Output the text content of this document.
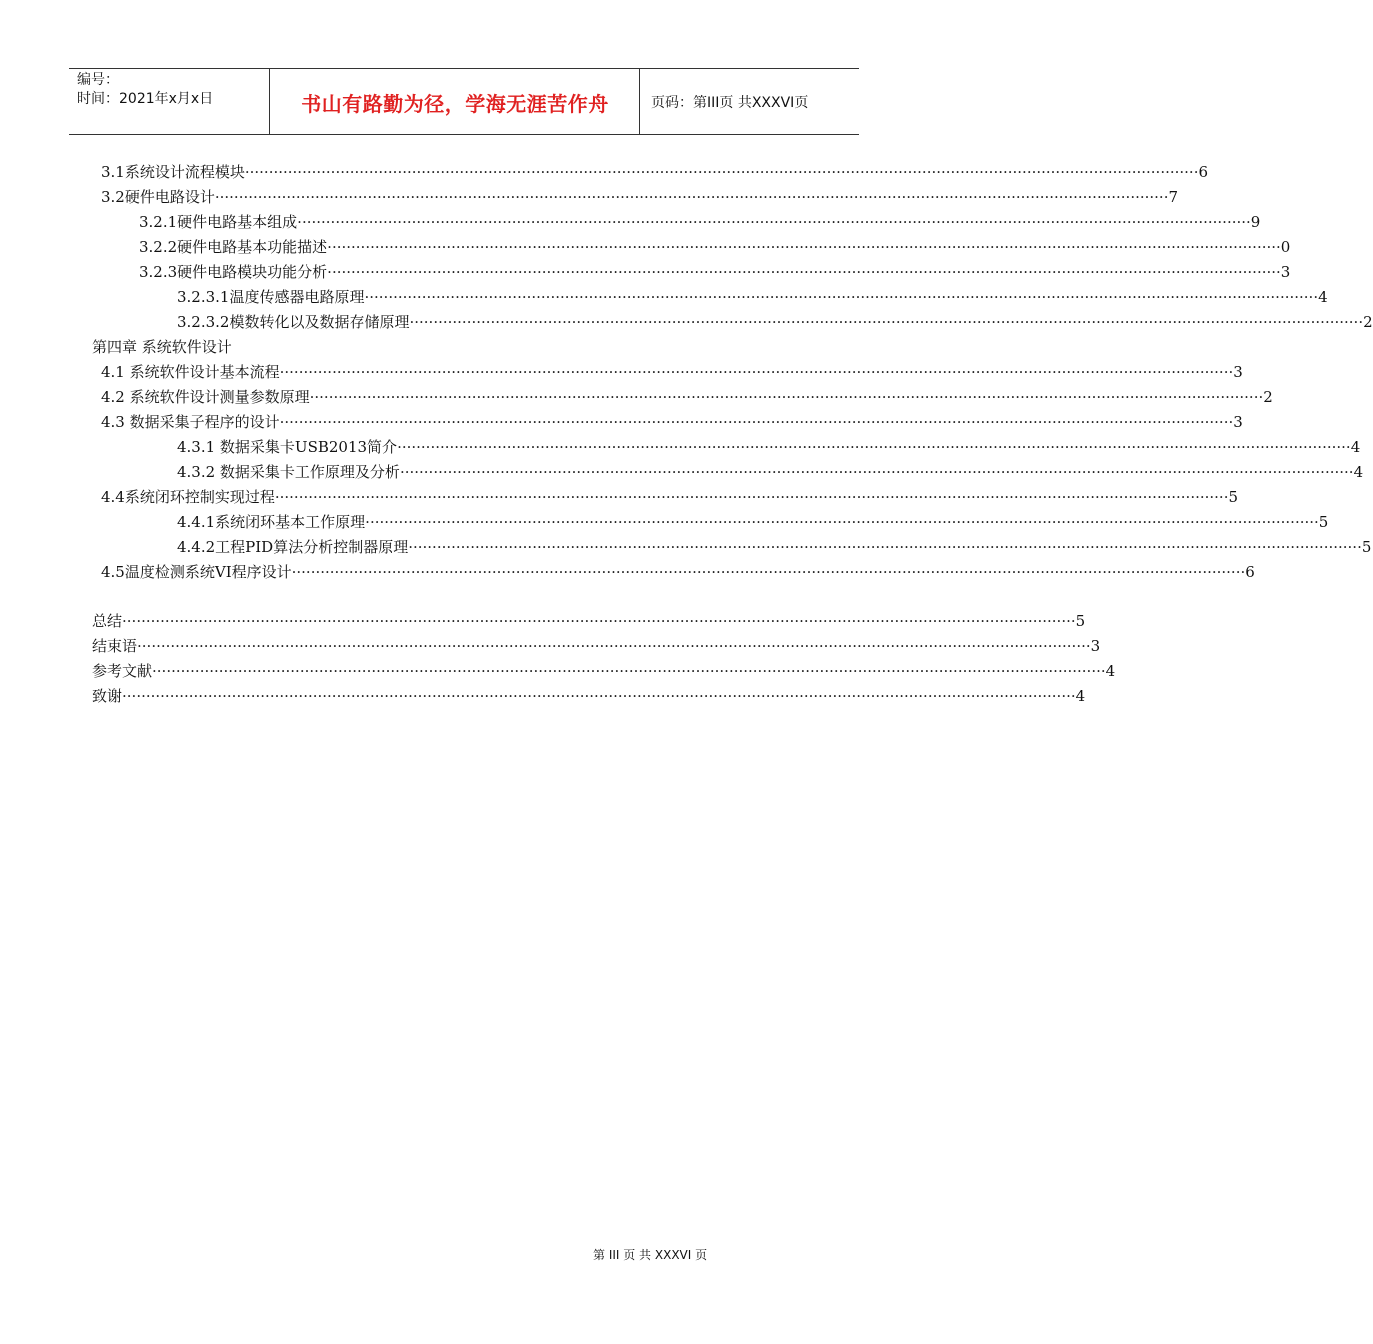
编号：
时间：2021年x月x日	书山有路勤为径，学海无涯苦作舟	页码：第III页 共XXXVI页
3.1系统设计流程模块 ········································································································································································································ 6
3.2硬件电路设计 ········································································································································································································ 7
3.2.1硬件电路基本组成 ········································································································································································································ 9
3.2.2硬件电路基本功能描述 ········································································································································································································ 0
3.2.3硬件电路模块功能分析 ········································································································································································································ 3
3.2.3.1温度传感器电路原理 ········································································································································································································ 4
3.2.3.2模数转化以及数据存储原理 ········································································································································································································ 2
第四章 系统软件设计
4.1 系统软件设计基本流程 ········································································································································································································ 3
4.2 系统软件设计测量参数原理 ········································································································································································································ 2
4.3 数据采集子程序的设计 ········································································································································································································ 3
4.3.1 数据采集卡USB2013简介 ········································································································································································································ 4
4.3.2 数据采集卡工作原理及分析 ········································································································································································································ 4
4.4系统闭环控制实现过程 ········································································································································································································ 5
4.4.1系统闭环基本工作原理 ········································································································································································································ 5
4.4.2工程PID算法分析控制器原理 ········································································································································································································ 5
4.5温度检测系统VI程序设计 ········································································································································································································ 6
总结 ········································································································································································································ 5
结束语 ········································································································································································································ 3
参考文献 ········································································································································································································ 4
致谢 ········································································································································································································ 4
第 III 页 共 XXXVI 页
